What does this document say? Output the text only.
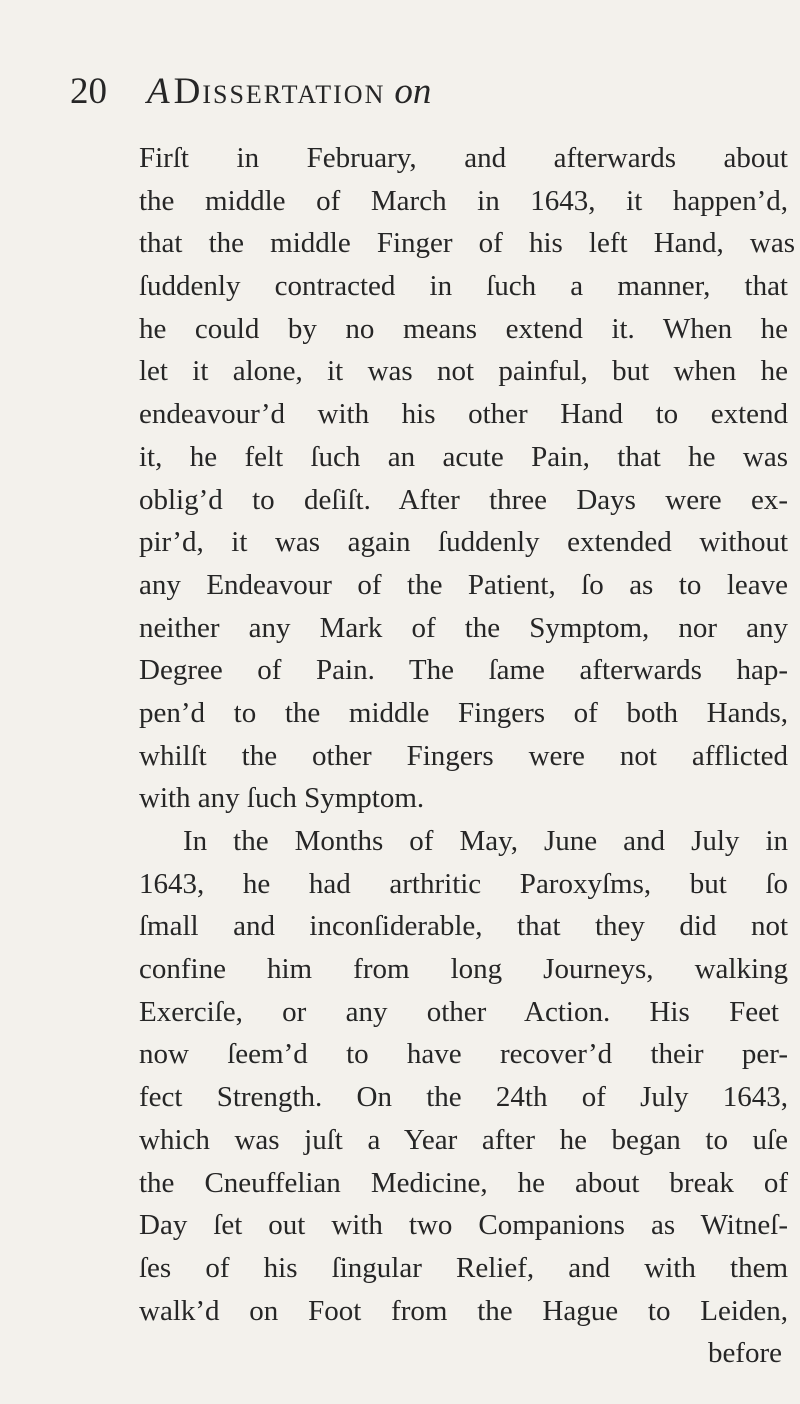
20	A Dissertation on
Firſt in February, and afterwards about
the middle of March in 1643, it happen’d,
that the middle Finger of his left Hand, was
ſuddenly contracted in ſuch a manner, that
he could by no means extend it. When he
let it alone, it was not painful, but when he
endeavour’d with his other Hand to extend
it, he felt ſuch an acute Pain, that he was
oblig’d to deſiſt. After three Days were ex-
pir’d, it was again ſuddenly extended without
any Endeavour of the Patient, ſo as to leave
neither any Mark of the Symptom, nor any
Degree of Pain. The ſame afterwards hap-
pen’d to the middle Fingers of both Hands,
whilſt the other Fingers were not afflicted
with any ſuch Symptom.
In the Months of May, June and July in
1643, he had arthritic Paroxyſms, but ſo
ſmall and inconſiderable, that they did not
confine him from long Journeys, walking
Exerciſe, or any other Action. His Feet
now ſeem’d to have recover’d their per-
fect Strength. On the 24th of July 1643,
which was juſt a Year after he began to uſe
the Cneuffelian Medicine, he about break of
Day ſet out with two Companions as Witneſ-
ſes of his ſingular Relief, and with them
walk’d on Foot from the Hague to Leiden,
before
